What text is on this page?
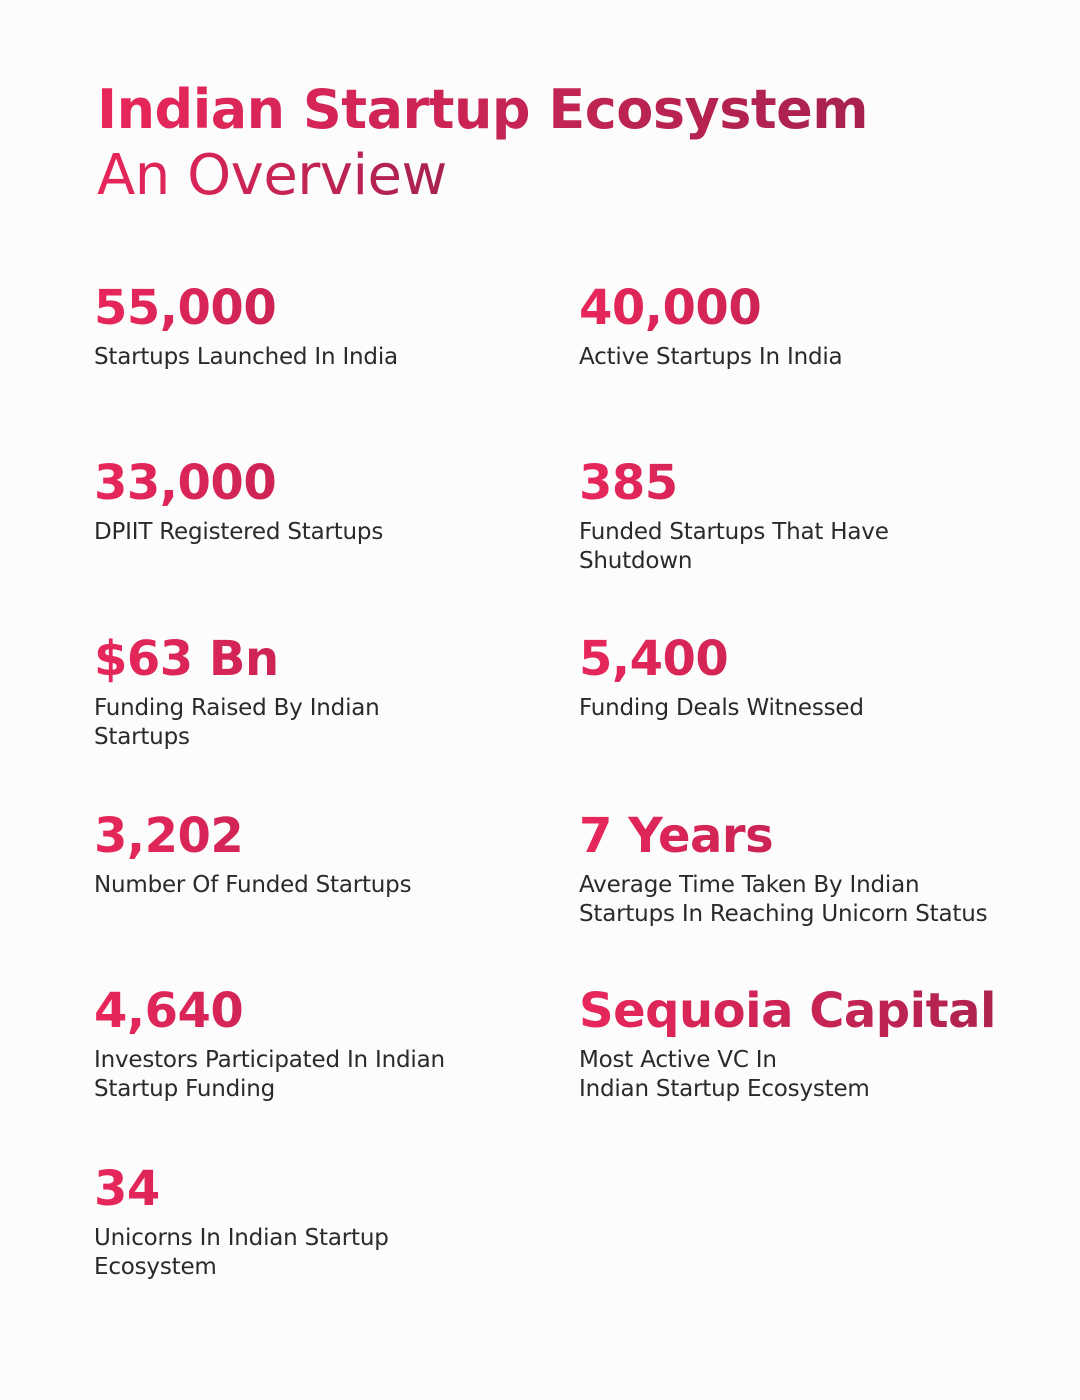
Indian Startup Ecosystem
An Overview
55,000
Startups Launched In India
40,000
Active Startups In India
33,000
DPIIT Registered Startups
385
Funded Startups That Have
Shutdown
$63 Bn
Funding Raised By Indian
Startups
5,400
Funding Deals Witnessed
3,202
Number Of Funded Startups
7 Years
Average Time Taken By Indian
Startups In Reaching Unicorn Status
4,640
Investors Participated In Indian
Startup Funding
Sequoia Capital
Most Active VC In
Indian Startup Ecosystem
34
Unicorns In Indian Startup
Ecosystem
